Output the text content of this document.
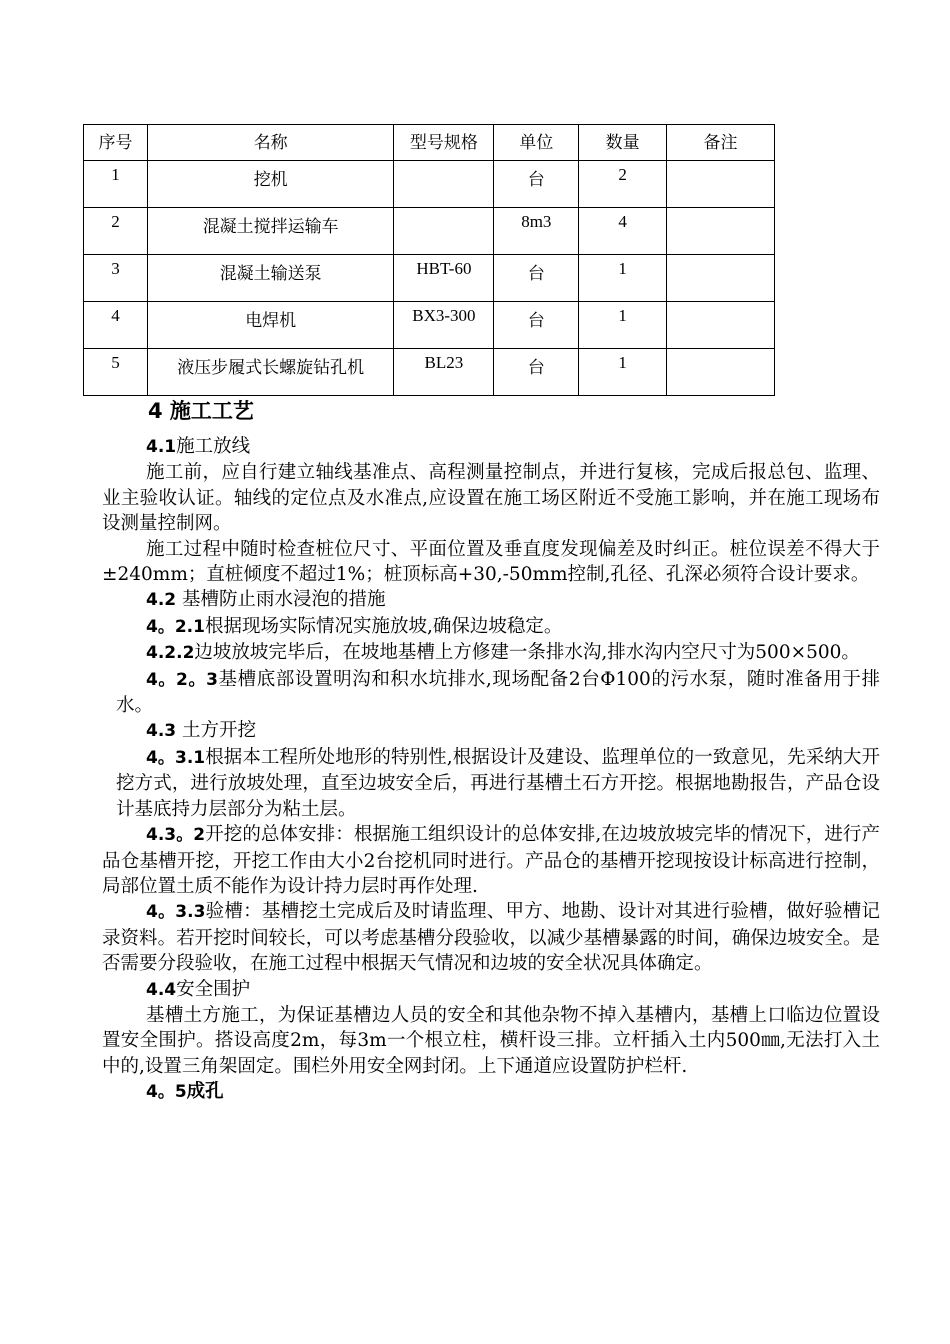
序号	名称	型号规格	单位	数量	备注
1	挖机		台	2	
2	混凝土搅拌运输车		8m3	4	
3	混凝土输送泵	HBT-60	台	1	
4	电焊机	BX3-300	台	1	
5	液压步履式长螺旋钻孔机	BL23	台	1	
4 施工工艺
4.1施工放线

施工前，应自行建立轴线基准点、高程测量控制点，并进行复核，完成后报总包、监理、业主验收认证。轴线的定位点及水准点,应设置在施工场区附近不受施工影响，并在施工现场布设测量控制网。

施工过程中随时检查桩位尺寸、平面位置及垂直度发现偏差及时纠正。桩位误差不得大于±240mm；直桩倾度不超过1%；桩顶标高+30,-50mm控制,孔径、孔深必须符合设计要求。

4.2 基槽防止雨水浸泡的措施
4。2.1根据现场实际情况实施放坡,确保边坡稳定。

4.2.2边坡放坡完毕后，在坡地基槽上方修建一条排水沟,排水沟内空尺寸为500×500。

4。2。3基槽底部设置明沟和积水坑排水,现场配备2台Φ100的污水泵，随时准备用于排水。

4.3 土方开挖

4。3.1根据本工程所处地形的特别性,根据设计及建设、监理单位的一致意见，先采纳大开挖方式，进行放坡处理，直至边坡安全后，再进行基槽土石方开挖。根据地勘报告，产品仓设计基底持力层部分为粘土层。

4.3。2开挖的总体安排：根据施工组织设计的总体安排,在边坡放坡完毕的情况下，进行产品仓基槽开挖，开挖工作由大小2台挖机同时进行。产品仓的基槽开挖现按设计标高进行控制，局部位置土质不能作为设计持力层时再作处理.

4。3.3验槽：基槽挖土完成后及时请监理、甲方、地勘、设计对其进行验槽，做好验槽记录资料。若开挖时间较长，可以考虑基槽分段验收，以减少基槽暴露的时间，确保边坡安全。是否需要分段验收，在施工过程中根据天气情况和边坡的安全状况具体确定。

4.4安全围护

基槽土方施工，为保证基槽边人员的安全和其他杂物不掉入基槽内，基槽上口临边位置设置安全围护。搭设高度2m，每3m一个根立柱，横杆设三排。立杆插入土内500㎜,无法打入土中的,设置三角架固定。围栏外用安全网封闭。上下通道应设置防护栏杆.

4。5成孔
